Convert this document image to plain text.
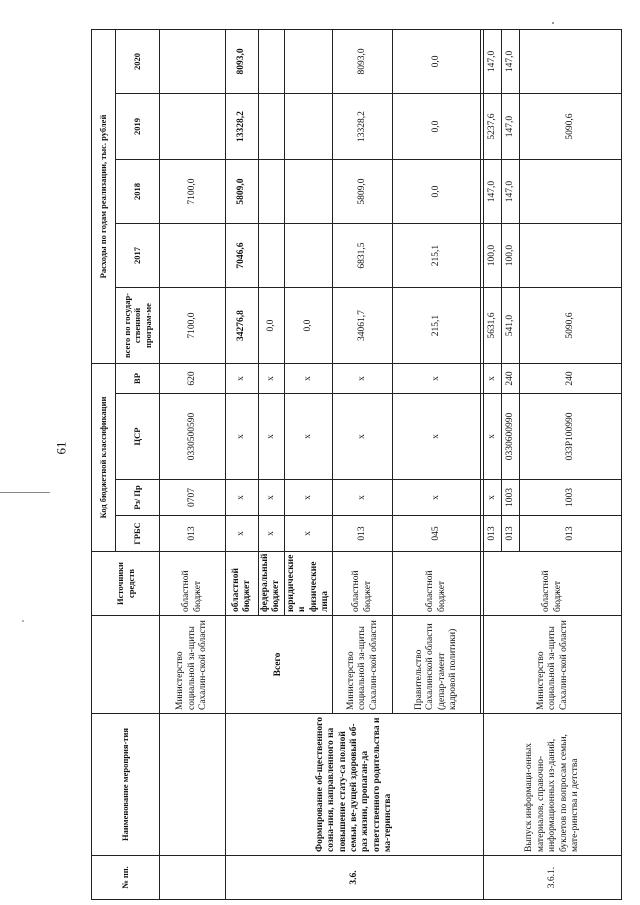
61
№ пп.	Наименование мероприя-тия		Источники средств	Код бюджетной классификации				Расходы по годам реализации, тыс. рублей				
				ГРБС	Рз/ Пр	ЦСР	ВР	всего по государ-ственной програм-ме	2017	2018	2019	2020
		Министерство социальной за-щиты Сахалин-ской области	областной бюджет	013	0707	0330500590	620	7100,0		7100,0		
3.6.	Формирование об-щественного созна-ния, направленного на повышение стату-са полной семьи, ве-дущей здоровый об-раз жизни, пропаган-да ответственного родительства и ма-теринства	Всего	областной бюджет	х	х	х	х	34276,8	7046,6	5809,0	13328,2	8093,0
			федеральный бюджет	х	х	х	х	0,0				
			юридические и физические лица	х	х	х	х	0,0				
		Министерство социальной за-щиты Сахалин-ской области	областной бюджет	013	х	х	х	34061,7	6831,5	5809,0	13328,2	8093,0
		Правительство Сахалинской области (депар-тамент кадровой политики)	областной бюджет	045	х	х	х	215,1	215,1	0,0	0,0	0,0

3.6.1.	Выпуск информаци-онных материалов, справочно-информационных из-даний, буклетов по вопросам семьи, мате-ринства и детства	Министерство социальной за-щиты Сахалин-ской области	областной бюджет	013	х	х	х	5631,6	100,0	147,0	5237,6	147,0
				013	1003	0330600990	240	541,0	100,0	147,0	147,0	147,0
				013	1003	033P100990	240	5090,6			5090,6	
